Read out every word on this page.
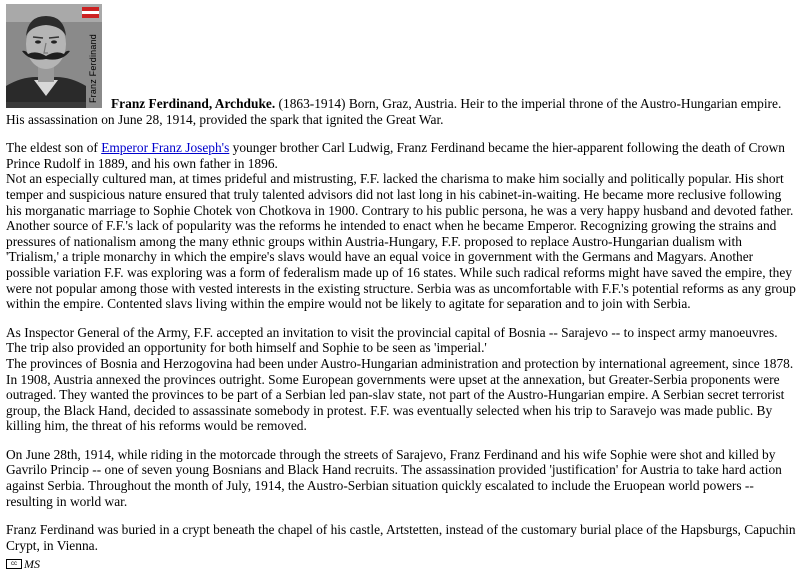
Franz Ferdinand

Franz Ferdinand, Archduke. (1863-1914) Born, Graz, Austria. Heir to the imperial throne of the Austro-Hungarian empire. His assassination on June 28, 1914, provided the spark that ignited the Great War.

The eldest son of Emperor Franz Joseph's younger brother Carl Ludwig, Franz Ferdinand became the hier-apparent following the death of Crown Prince Rudolf in 1889, and his own father in 1896.
Not an especially cultured man, at times prideful and mistrusting, F.F. lacked the charisma to make him socially and politically popular. His short temper and suspicious nature ensured that truly talented advisors did not last long in his cabinet-in-waiting. He became more reclusive following his morganatic marriage to Sophie Chotek von Chotkova in 1900. Contrary to his public persona, he was a very happy husband and devoted father.
Another source of F.F.'s lack of popularity was the reforms he intended to enact when he became Emperor. Recognizing growing the strains and pressures of nationalism among the many ethnic groups within Austria-Hungary, F.F. proposed to replace Austro-Hungarian dualism with 'Trialism,' a triple monarchy in which the empire's slavs would have an equal voice in government with the Germans and Magyars. Another possible variation F.F. was exploring was a form of federalism made up of 16 states. While such radical reforms might have saved the empire, they were not popular among those with vested interests in the existing structure. Serbia was as uncomfortable with F.F.'s potential reforms as any group within the empire. Contented slavs living within the empire would not be likely to agitate for separation and to join with Serbia.

As Inspector General of the Army, F.F. accepted an invitation to visit the provincial capital of Bosnia -- Sarajevo -- to inspect army manoeuvres. The trip also provided an opportunity for both himself and Sophie to be seen as 'imperial.'
The provinces of Bosnia and Herzogovina had been under Austro-Hungarian administration and protection by international agreement, since 1878. In 1908, Austria annexed the provinces outright. Some European governments were upset at the annexation, but Greater-Serbia proponents were outraged. They wanted the provinces to be part of a Serbian led pan-slav state, not part of the Austro-Hungarian empire. A Serbian secret terrorist group, the Black Hand, decided to assassinate somebody in protest. F.F. was eventually selected when his trip to Saravejo was made public. By killing him, the threat of his reforms would be removed.

On June 28th, 1914, while riding in the motorcade through the streets of Sarajevo, Franz Ferdinand and his wife Sophie were shot and killed by Gavrilo Princip -- one of seven young Bosnians and Black Hand recruits. The assassination provided 'justification' for Austria to take hard action against Serbia. Throughout the month of July, 1914, the Austro-Serbian situation quickly escalated to include the Eruopean world powers -- resulting in world war.

Franz Ferdinand was buried in a crypt beneath the chapel of his castle, Artstetten, instead of the customary burial place of the Hapsburgs, Capuchin Crypt, in Vienna.

cc MS
